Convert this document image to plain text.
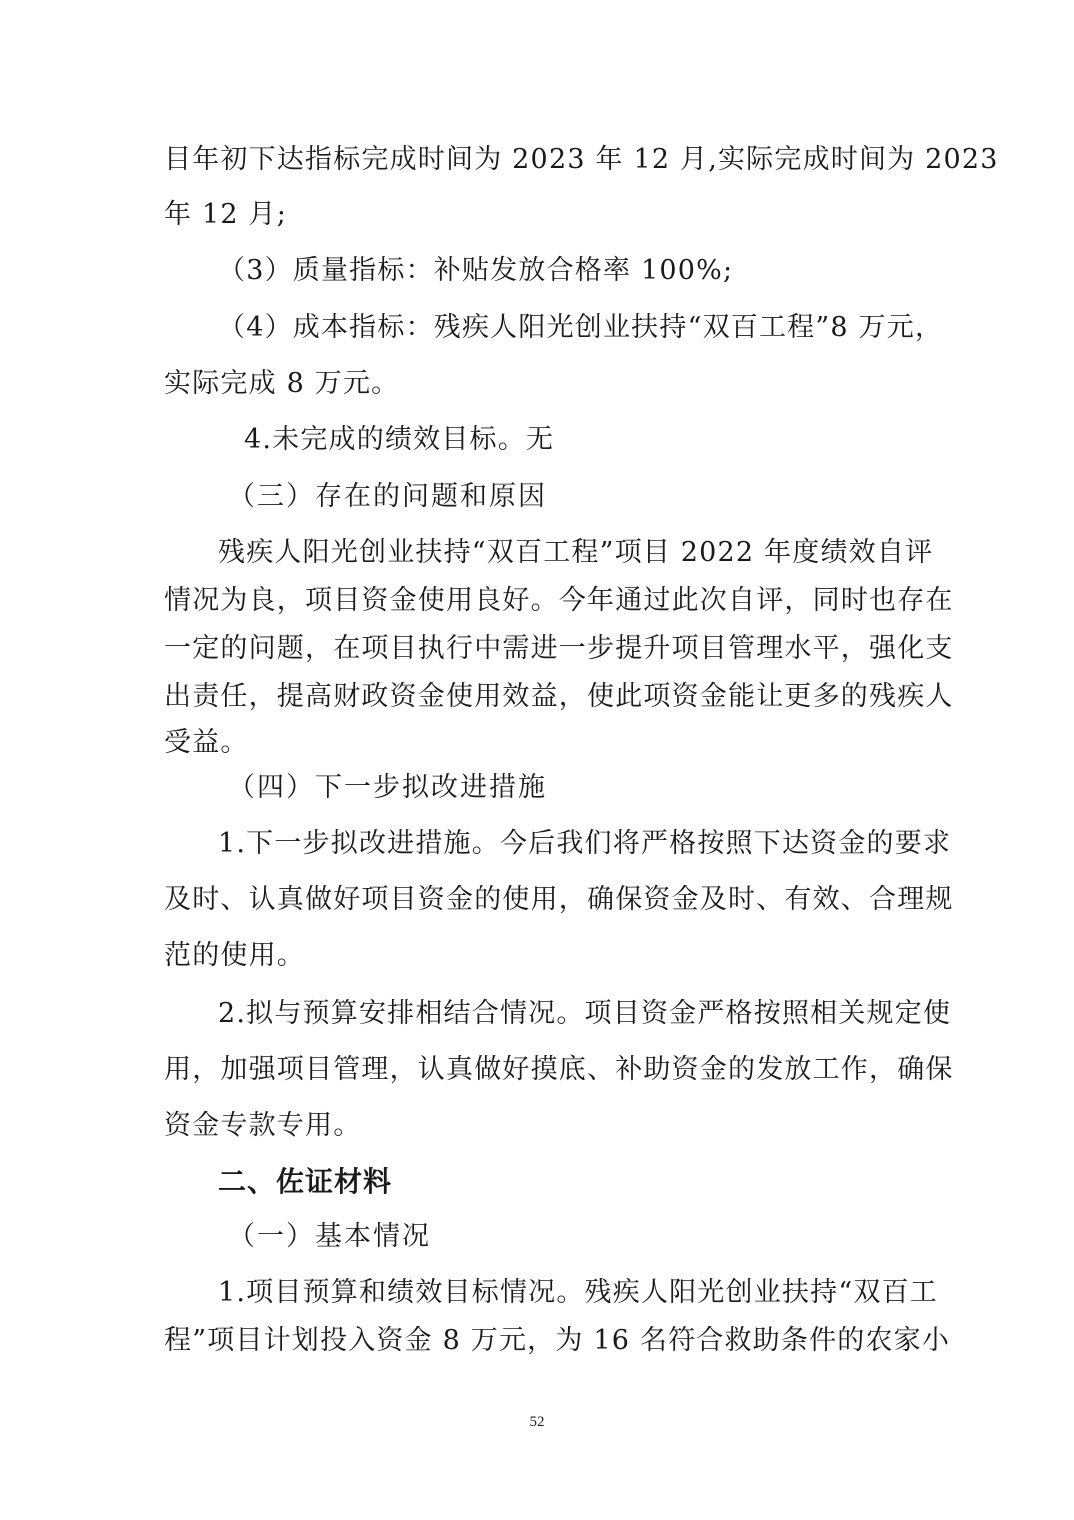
目年初下达指标完成时间为 2023 年 12 月,实际完成时间为 2023
年 12 月;
（3）质量指标：补贴发放合格率 100%;
（4）成本指标：残疾人阳光创业扶持“双百工程”8 万元，
实际完成 8 万元。
4.未完成的绩效目标。无
（三）存在的问题和原因
残疾人阳光创业扶持“双百工程”项目 2022 年度绩效自评
情况为良，项目资金使用良好。今年通过此次自评，同时也存在
一定的问题，在项目执行中需进一步提升项目管理水平，强化支
出责任，提高财政资金使用效益，使此项资金能让更多的残疾人
受益。
（四）下一步拟改进措施
1.下一步拟改进措施。今后我们将严格按照下达资金的要求
及时、认真做好项目资金的使用，确保资金及时、有效、合理规
范的使用。
2.拟与预算安排相结合情况。项目资金严格按照相关规定使
用，加强项目管理，认真做好摸底、补助资金的发放工作，确保
资金专款专用。
二、佐证材料
（一）基本情况
1.项目预算和绩效目标情况。残疾人阳光创业扶持“双百工
程”项目计划投入资金 8 万元，为 16 名符合救助条件的农家小
52
